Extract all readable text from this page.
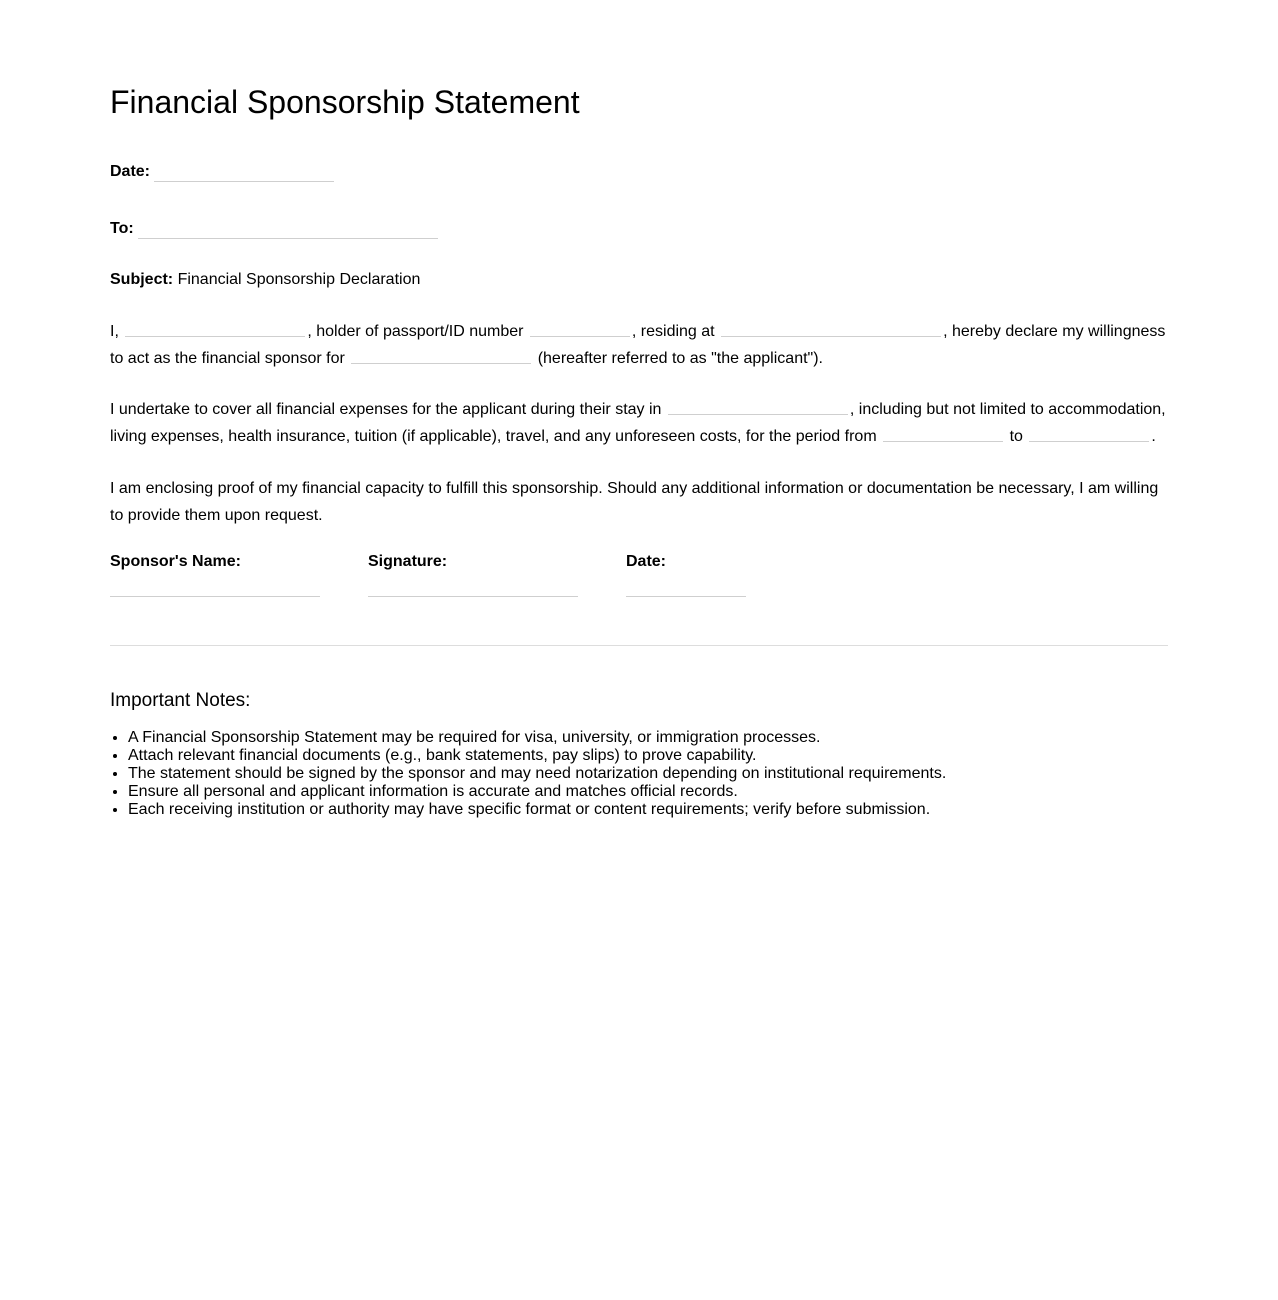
Financial Sponsorship Statement
Date:
To:
Subject:
Financial Sponsorship Declaration

I,	, holder of passport/ID number	, residing at	, hereby declare my willingness to act as the financial sponsor for	(hereafter referred to as "the applicant").

I undertake to cover all financial expenses for the applicant during their stay in	, including but not limited to accommodation, living expenses, health insurance, tuition (if applicable), travel, and any unforeseen costs, for the period from	to	.

I am enclosing proof of my financial capacity to fulfill this sponsorship. Should any additional information or documentation be necessary, I am willing to provide them upon request.

Sponsor's Name:	Signature:	Date:
Important Notes:
• A Financial Sponsorship Statement may be required for visa, university, or immigration processes.
• Attach relevant financial documents (e.g., bank statements, pay slips) to prove capability.
• The statement should be signed by the sponsor and may need notarization depending on institutional requirements.
• Ensure all personal and applicant information is accurate and matches official records.
• Each receiving institution or authority may have specific format or content requirements; verify before submission.
